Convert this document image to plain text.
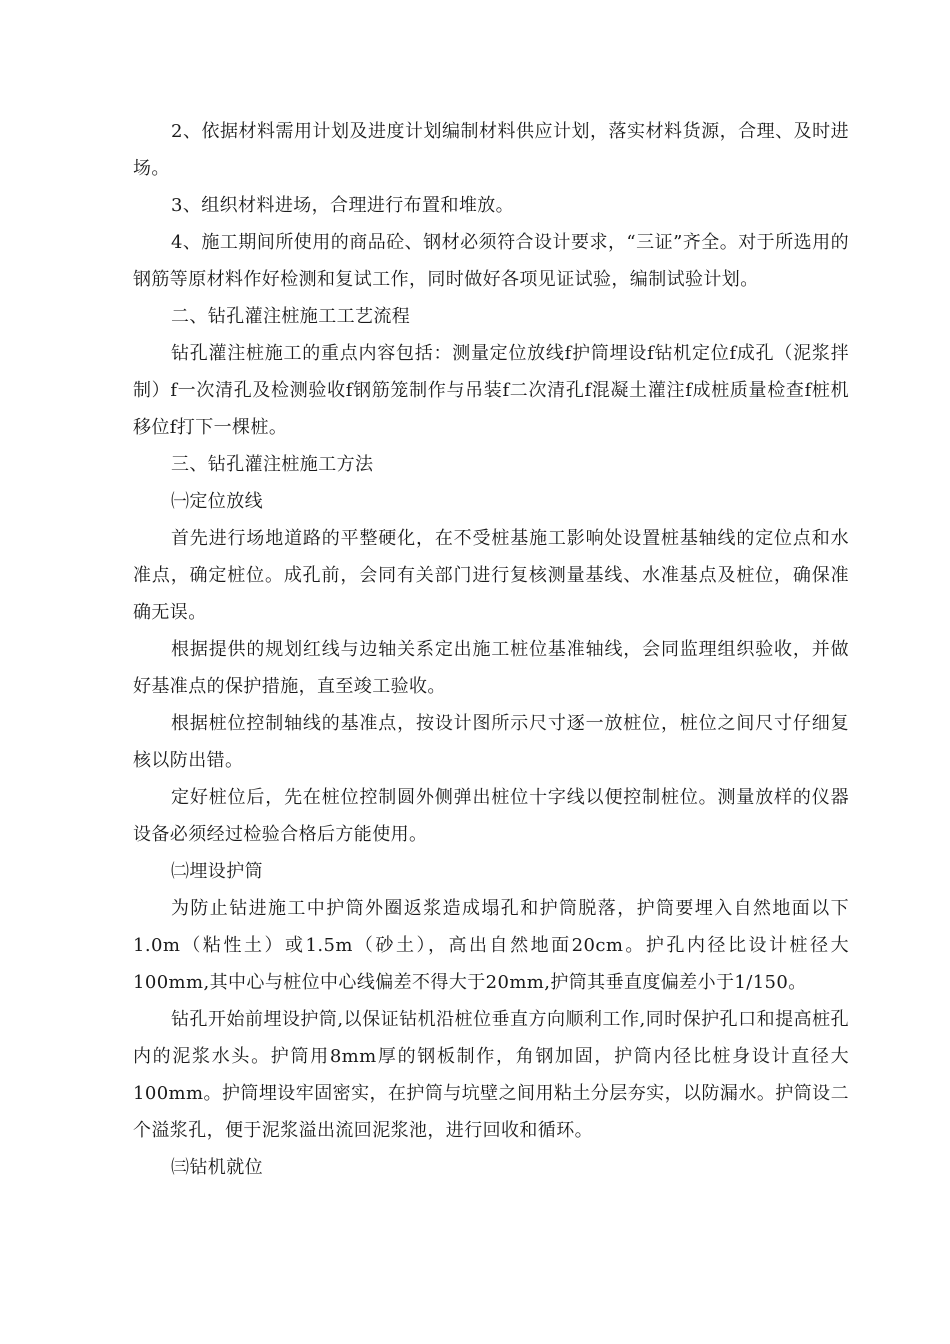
2、依据材料需用计划及进度计划编制材料供应计划，落实材料货源，合理、及时进场。

3、组织材料进场，合理进行布置和堆放。

4、施工期间所使用的商品砼、钢材必须符合设计要求，“三证”齐全。对于所选用的钢筋等原材料作好检测和复试工作，同时做好各项见证试验，编制试验计划。

二、钻孔灌注桩施工工艺流程

钻孔灌注桩施工的重点内容包括：测量定位放线f护筒埋设f钻机定位f成孔（泥浆拌制）f一次清孔及检测验收f钢筋笼制作与吊装f二次清孔f混凝土灌注f成桩质量检查f桩机移位f打下一棵桩。

三、钻孔灌注桩施工方法

㈠定位放线

首先进行场地道路的平整硬化，在不受桩基施工影响处设置桩基轴线的定位点和水准点，确定桩位。成孔前，会同有关部门进行复核测量基线、水准基点及桩位，确保准确无误。

根据提供的规划红线与边轴关系定出施工桩位基准轴线，会同监理组织验收，并做好基准点的保护措施，直至竣工验收。

根据桩位控制轴线的基准点，按设计图所示尺寸逐一放桩位，桩位之间尺寸仔细复核以防出错。

定好桩位后，先在桩位控制圆外侧弹出桩位十字线以便控制桩位。测量放样的仪器设备必须经过检验合格后方能使用。

㈡埋设护筒

为防止钻进施工中护筒外圈返浆造成塌孔和护筒脱落，护筒要埋入自然地面以下1.0m（粘性土）或1.5m（砂土），高出自然地面20cm。护孔内径比设计桩径大100mm,其中心与桩位中心线偏差不得大于20mm,护筒其垂直度偏差小于1/150。

钻孔开始前埋设护筒,以保证钻机沿桩位垂直方向顺利工作,同时保护孔口和提高桩孔内的泥浆水头。护筒用8mm厚的钢板制作，角钢加固，护筒内径比桩身设计直径大100mm。护筒埋设牢固密实，在护筒与坑壁之间用粘土分层夯实，以防漏水。护筒设二个溢浆孔，便于泥浆溢出流回泥浆池，进行回收和循环。

㈢钻机就位
